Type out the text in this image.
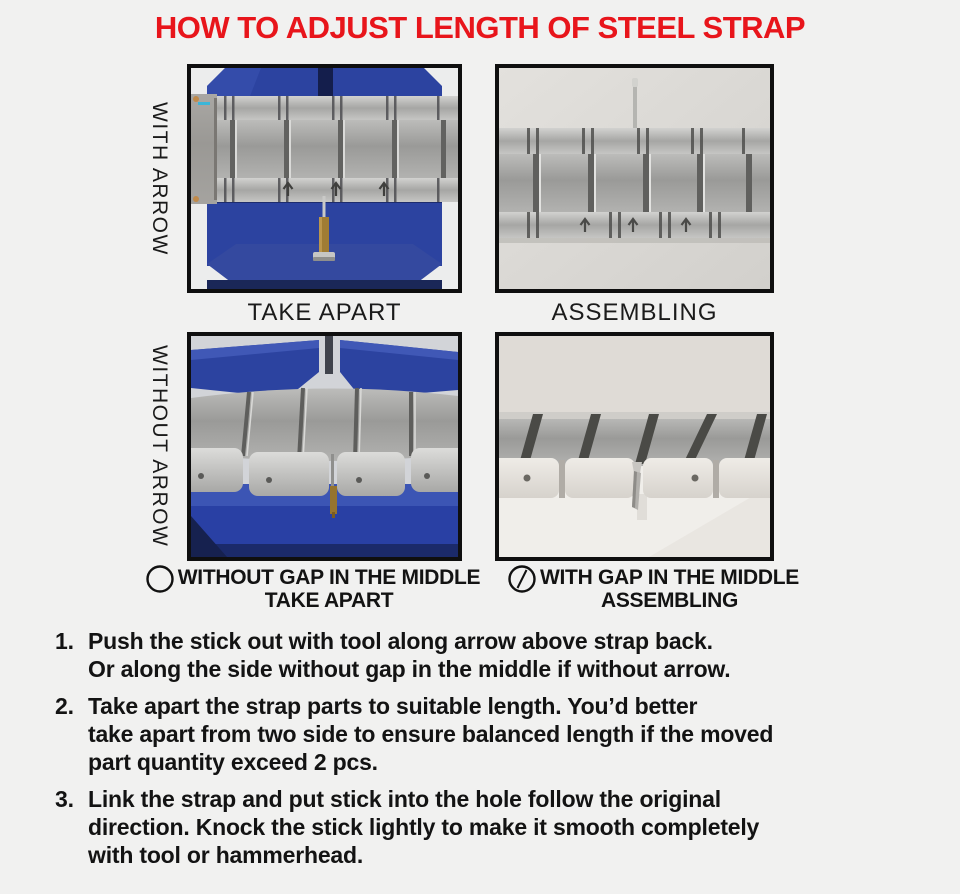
HOW TO ADJUST LENGTH OF STEEL STRAP
WITH ARROW
TAKE APART	ASSEMBLING
WITHOUT ARROW
WITHOUT GAP IN THE MIDDLE
TAKE APART
WITH GAP IN THE MIDDLE
ASSEMBLING
1. Push the stick out with tool along arrow above strap back.
Or along the side without gap in the middle if without arrow.
2. Take apart the strap parts to suitable length. You’d better
take apart from two side to ensure balanced length if the moved
part quantity exceed 2 pcs.
3. Link the strap and put stick into the hole follow the original
direction. Knock the stick lightly to make it smooth completely
with tool or hammerhead.
